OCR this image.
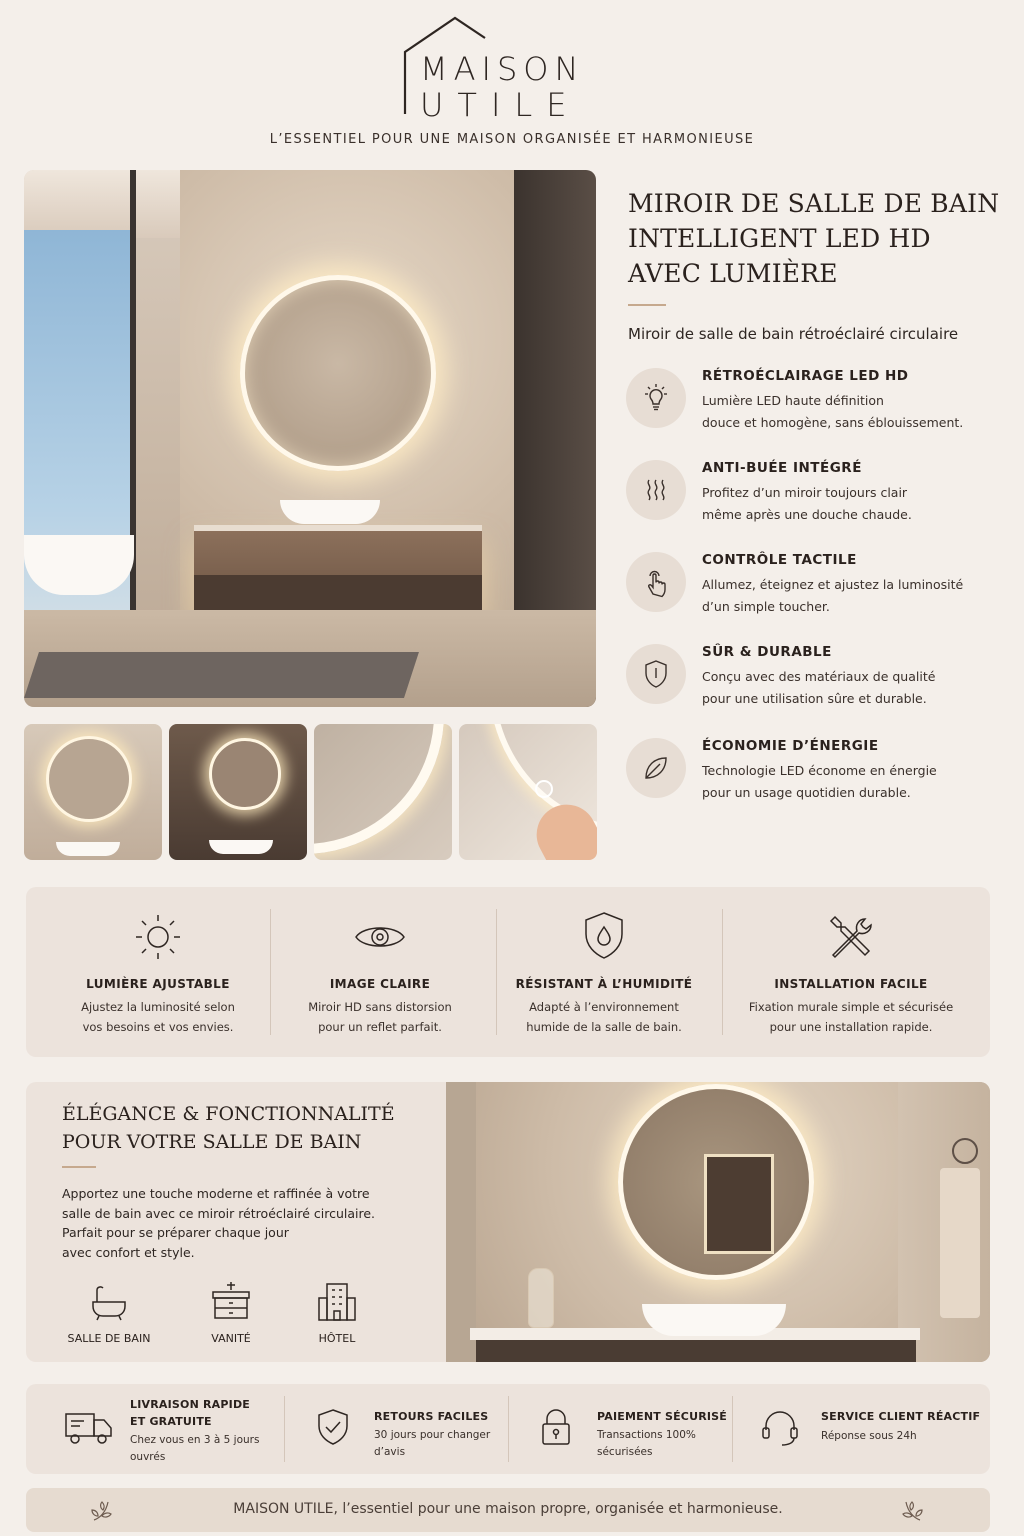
MAISON
UTILE
L’ESSENTIEL POUR UNE MAISON ORGANISÉE ET HARMONIEUSE
MIROIR DE SALLE DE BAIN
INTELLIGENT LED HD
AVEC LUMIÈRE
Miroir de salle de bain rétroéclairé circulaire
RÉTROÉCLAIRAGE LED HD
Lumière LED haute définition
douce et homogène, sans éblouissement.
ANTI-BUÉE INTÉGRÉ
Profitez d’un miroir toujours clair
même après une douche chaude.
CONTRÔLE TACTILE
Allumez, éteignez et ajustez la luminosité
d’un simple toucher.
SÛR & DURABLE
Conçu avec des matériaux de qualité
pour une utilisation sûre et durable.
ÉCONOMIE D’ÉNERGIE
Technologie LED économe en énergie
pour un usage quotidien durable.
LUMIÈRE AJUSTABLE
Ajustez la luminosité selon
vos besoins et vos envies.
IMAGE CLAIRE
Miroir HD sans distorsion
pour un reflet parfait.
RÉSISTANT À L’HUMIDITÉ
Adapté à l’environnement
humide de la salle de bain.
INSTALLATION FACILE
Fixation murale simple et sécurisée
pour une installation rapide.
ÉLÉGANCE & FONCTIONNALITÉ
POUR VOTRE SALLE DE BAIN
Apportez une touche moderne et raffinée à votre
salle de bain avec ce miroir rétroéclairé circulaire.
Parfait pour se préparer chaque jour
avec confort et style.
SALLE DE BAIN	VANITÉ	HÔTEL
LIVRAISON RAPIDE
ET GRATUITE
Chez vous en 3 à 5 jours
ouvrés
RETOURS FACILES
30 jours pour changer
d’avis
PAIEMENT SÉCURISÉ
Transactions 100%
sécurisées
SERVICE CLIENT RÉACTIF
Réponse sous 24h
MAISON UTILE, l’essentiel pour une maison propre, organisée et harmonieuse.
